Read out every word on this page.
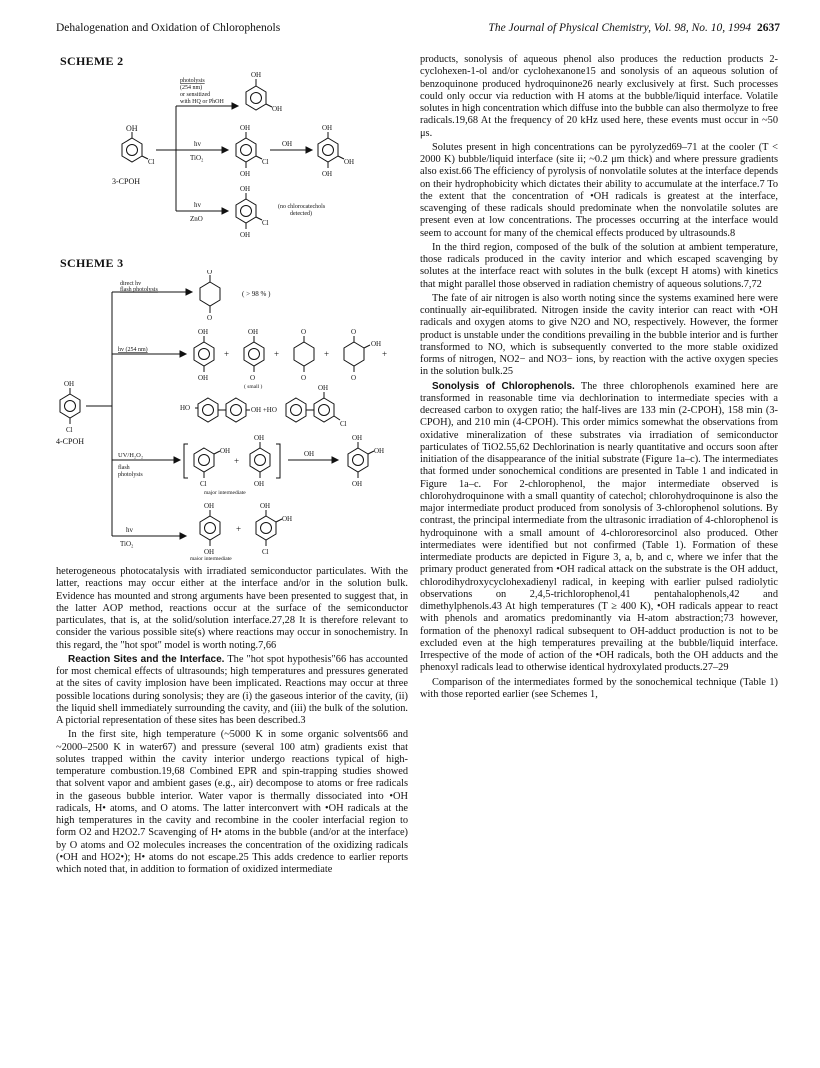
Dehalogenation and Oxidation of Chlorophenols	The Journal of Physical Chemistry, Vol. 98, No. 10, 1994 2637
SCHEME 2
OH
Cl
3-CPOH
photolysis
(254 nm)
or sensitized
with HQ or PhOH
OH
OH
hv
TiO₂
OH
OH
Cl
OH
OH
OH
OH
hv
ZnO
OH
OH
Cl
(no chlorocatechols
detected)
SCHEME 3
OH
Cl
4-CPOH
direct hv
flash photolysis
O
O
( > 98 % )
hv (254 nm)
OH
OH
+
OH
O
( small )
+
O
O
+
OH
O
O
+
HO	OH +HO
OH
Cl
UV/H₂O₂
flash
photolysis
OH
Cl
+
OH
OH
major intermediate
OH
OH
OH
OH
hv
TiO₂
OH
OH
major intermediate
+
OH
OH
Cl

heterogeneous photocatalysis with irradiated semiconductor particulates. With the latter, reactions may occur either at the interface and/or in the solution bulk. Evidence has mounted and strong arguments have been presented to suggest that, in the latter AOP method, reactions occur at the surface of the semiconductor particulates, that is, at the solid/solution interface.27,28 It is therefore relevant to consider the various possible site(s) where reactions may occur in sonochemistry. In this regard, the "hot spot" model is worth noting.7,66

Reaction Sites and the Interface. The "hot spot hypothesis"66 has accounted for most chemical effects of ultrasounds; high temperatures and pressures generated at the sites of cavity implosion have been implicated. Reactions may occur at three possible locations during sonolysis; they are (i) the gaseous interior of the cavity, (ii) the liquid shell immediately surrounding the cavity, and (iii) the bulk of the solution. A pictorial representation of these sites has been described.3

In the first site, high temperature (~5000 K in some organic solvents66 and ~2000–2500 K in water67) and pressure (several 100 atm) gradients exist that solutes trapped within the cavity interior undergo reactions typical of high-temperature combustion.19,68 Combined EPR and spin-trapping studies showed that solvent vapor and ambient gases (e.g., air) decompose to atoms or free radicals in the gaseous bubble interior. Water vapor is thermally dissociated into •OH radicals, H• atoms, and O atoms. The latter interconvert with •OH radicals at the high temperatures in the cavity and recombine in the cooler interfacial region to form O2 and H2O2.7 Scavenging of H• atoms in the bubble (and/or at the interface) by O atoms and O2 molecules increases the concentration of the oxidizing radicals (•OH and HO2•); H• atoms do not escape.25 This adds credence to earlier reports which noted that, in addition to formation of oxidized intermediate

products, sonolysis of aqueous phenol also produces the reduction products 2-cyclohexen-1-ol and/or cyclohexanone15 and sonolysis of an aqueous solution of benzoquinone produced hydroquinone26 nearly exclusively at first. Such processes could only occur via reduction with H atoms at the bubble/liquid interface. Volatile solutes in high concentration which diffuse into the bubble can also thermolyze to free radicals.19,68 At the frequency of 20 kHz used here, these events must occur in ~50 μs.

Solutes present in high concentrations can be pyrolyzed69–71 at the cooler (T < 2000 K) bubble/liquid interface (site ii; ~0.2 μm thick) and where pressure gradients also exist.66 The efficiency of pyrolysis of nonvolatile solutes at the interface depends on their hydrophobicity which dictates their ability to accumulate at the interface.7 To the extent that the concentration of •OH radicals is greatest at the interface, scavenging of these radicals should predominate when the nonvolatile solutes are present even at low concentrations. The processes occurring at the interface would seem to account for many of the chemical effects produced by ultrasounds.8

In the third region, composed of the bulk of the solution at ambient temperature, those radicals produced in the cavity interior and which escaped scavenging by solutes at the interface react with solutes in the bulk (except H atoms) with kinetics that might parallel those observed in radiation chemistry of aqueous solutions.7,72

The fate of air nitrogen is also worth noting since the systems examined here were continually air-equilibrated. Nitrogen inside the cavity interior can react with •OH radicals and oxygen atoms to give N2O and NO, respectively. However, the former product is unstable under the conditions prevailing in the bubble interior and is further transformed to NO, which is subsequently converted to the more stable oxidized forms of nitrogen, NO2− and NO3− ions, by reaction with the active oxygen species in the solution bulk.25

Sonolysis of Chlorophenols. The three chlorophenols examined here are transformed in reasonable time via dechlorination to intermediate species with a decreased carbon to oxygen ratio; the half-lives are 133 min (2-CPOH), 158 min (3-CPOH), and 210 min (4-CPOH). This order mimics somewhat the observations from oxidative mineralization of these substrates via irradiation of semiconductor particulates of TiO2.55,62 Dechlorination is nearly quantitative and occurs soon after initiation of the disappearance of the initial substrate (Figure 1a–c). The intermediates that formed under sonochemical conditions are presented in Table 1 and indicated in Figure 1a–c. For 2-chlorophenol, the major intermediate observed is chlorohydroquinone with a small quantity of catechol; chlorohydroquinone is also the major intermediate product produced from sonolysis of 3-chlorophenol solutions. By contrast, the principal intermediate from the ultrasonic irradiation of 4-chlorophenol is hydroquinone with a small amount of 4-chlororesorcinol also produced. Other intermediates were identified but not confirmed (Table 1). Formation of these intermediate products are depicted in Figure 3, a, b, and c, where we infer that the primary product generated from •OH radical attack on the substrate is the OH adduct, chlorodihydroxycyclohexadienyl radical, in keeping with earlier pulsed radiolytic observations on 2,4,5-trichlorophenol,41 pentahalophenols,42 and dimethylphenols.43 At high temperatures (T ≥ 400 K), •OH radicals appear to react with phenols and aromatics predominantly via H-atom abstraction;73 however, formation of the phenoxyl radical subsequent to OH-adduct production is not to be excluded even at the high temperatures prevailing at the bubble/liquid interface. Irrespective of the mode of action of the •OH radicals, both the OH adducts and the phenoxyl radicals lead to otherwise identical hydroxylated products.27–29

Comparison of the intermediates formed by the sonochemical technique (Table 1) with those reported earlier (see Schemes 1,
